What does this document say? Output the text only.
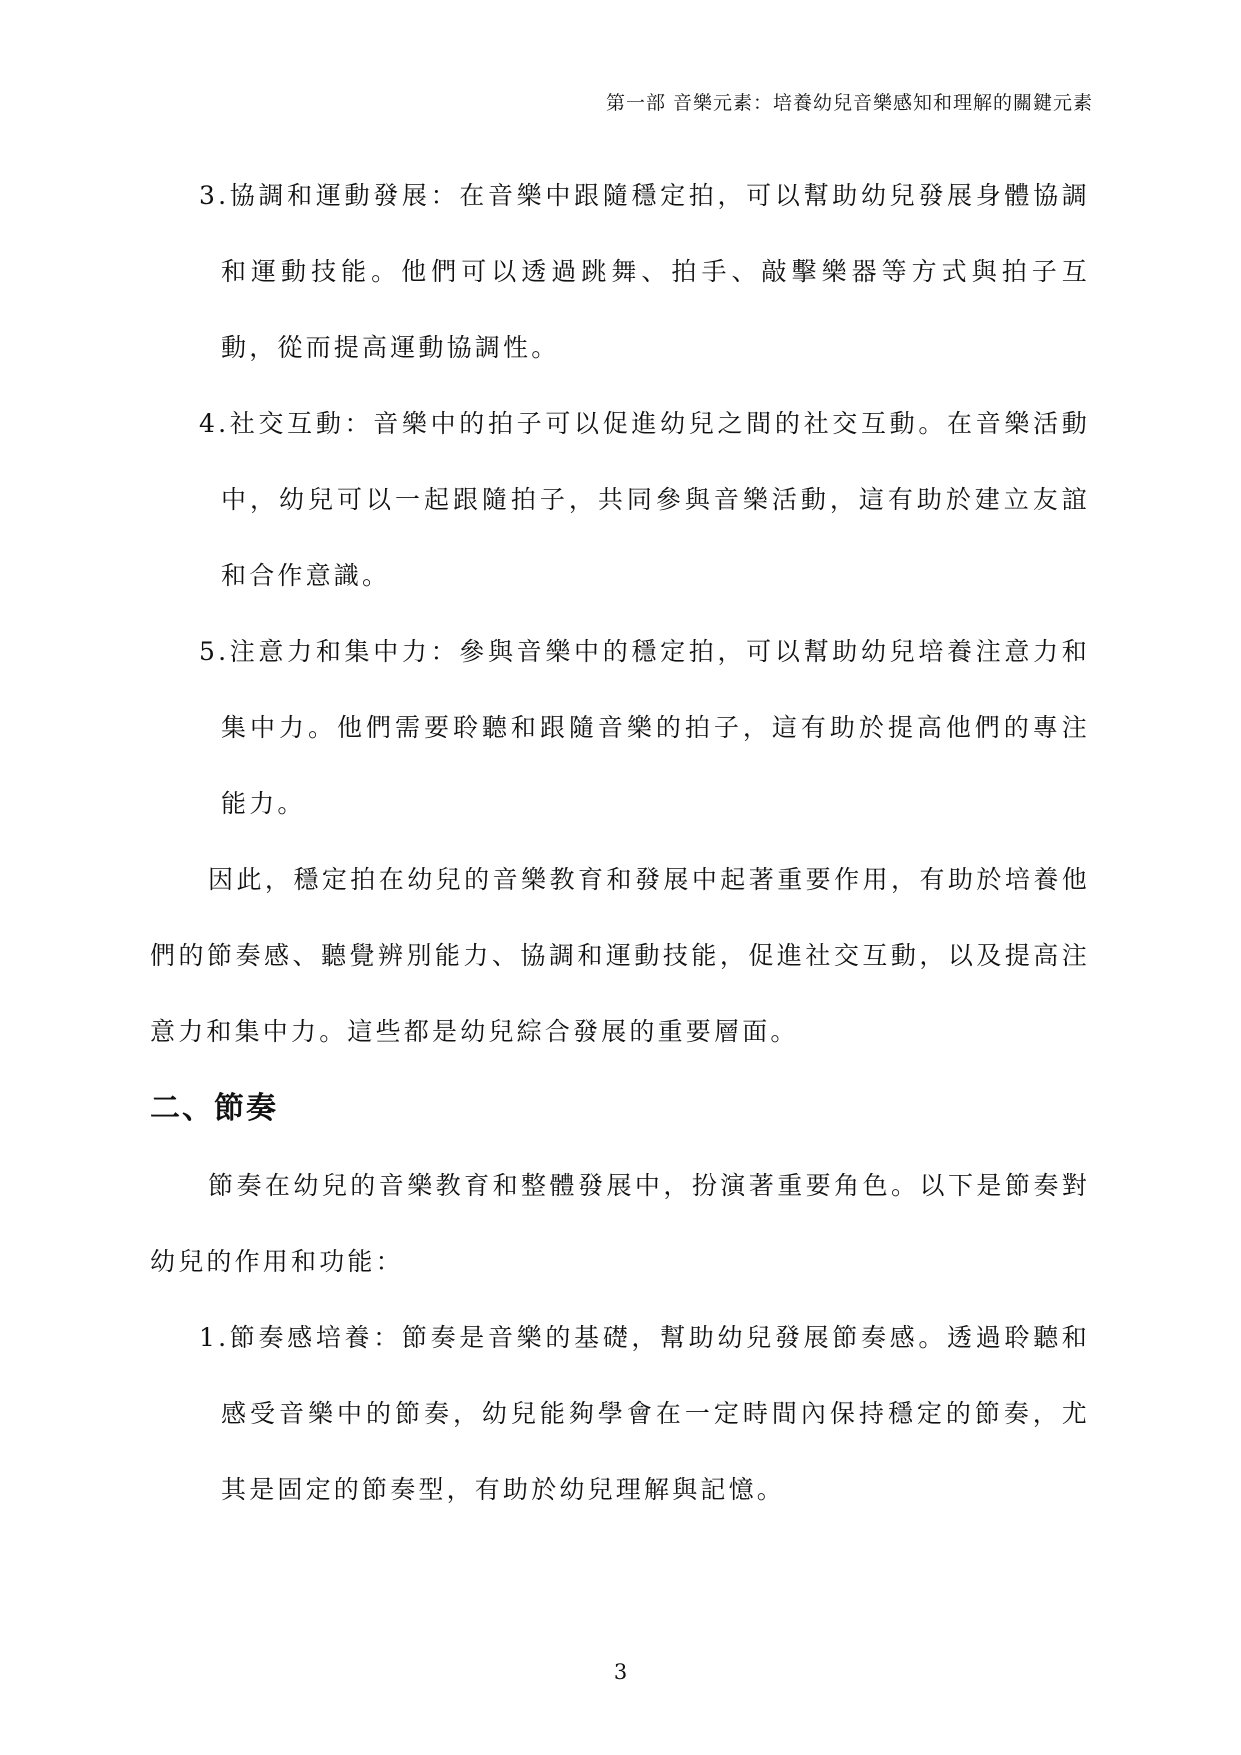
第一部 音樂元素：培養幼兒音樂感知和理解的關鍵元素

3.協調和運動發展：在音樂中跟隨穩定拍，可以幫助幼兒發展身體協調和運動技能。他們可以透過跳舞、拍手、敲擊樂器等方式與拍子互動，從而提高運動協調性。

4.社交互動：音樂中的拍子可以促進幼兒之間的社交互動。在音樂活動中，幼兒可以一起跟隨拍子，共同參與音樂活動，這有助於建立友誼和合作意識。

5.注意力和集中力：參與音樂中的穩定拍，可以幫助幼兒培養注意力和集中力。他們需要聆聽和跟隨音樂的拍子，這有助於提高他們的專注能力。

因此，穩定拍在幼兒的音樂教育和發展中起著重要作用，有助於培養他們的節奏感、聽覺辨別能力、協調和運動技能，促進社交互動，以及提高注意力和集中力。這些都是幼兒綜合發展的重要層面。

二、節奏

節奏在幼兒的音樂教育和整體發展中，扮演著重要角色。以下是節奏對幼兒的作用和功能：

1.節奏感培養：節奏是音樂的基礎，幫助幼兒發展節奏感。透過聆聽和感受音樂中的節奏，幼兒能夠學會在一定時間內保持穩定的節奏，尤其是固定的節奏型，有助於幼兒理解與記憶。

3
